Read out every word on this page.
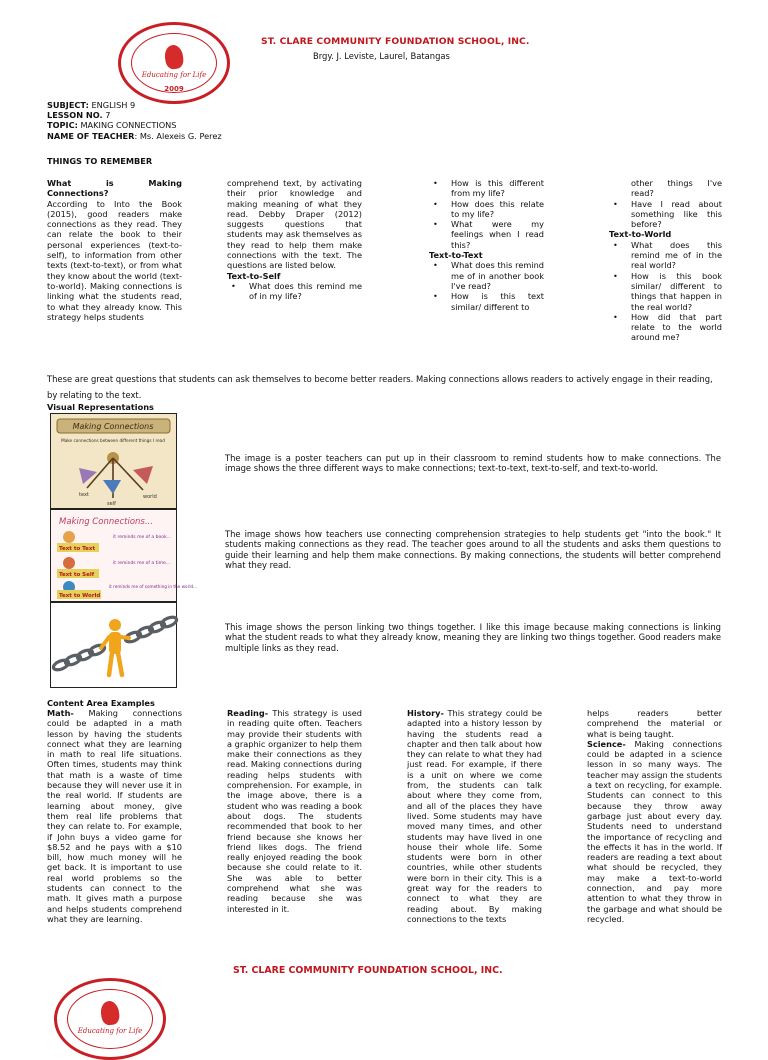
Educating for Life
2009
ST. CLARE COMMUNITY FOUNDATION SCHOOL, INC.
Brgy. J. Leviste, Laurel, Batangas
SUBJECT: ENGLISH 9
LESSON NO. 7
TOPIC: MAKING CONNECTIONS
NAME OF TEACHER: Ms. Alexeis G. Perez
THINGS TO REMEMBER
What is Making Connections?
According to Into the Book (2015), good readers make connections as they read. They can relate the book to their personal experiences (text-to-self), to information from other texts (text-to-text), or from what they know about the world (text-to-world). Making connections is linking what the students read, to what they already know. This strategy helps students
comprehend text, by activating their prior knowledge and making meaning of what they read. Debby Draper (2012) suggests questions that students may ask themselves as they read to help them make connections with the text. The questions are listed below.
Text-to-Self
• What does this remind me of in my life?
• How is this different from my life?
• How does this relate to my life?
• What were my feelings when I read this?
Text-to-Text
• What does this remind me of in another book I've read?
• How is this text similar/ different to
other things I've read?
• Have I read about something like this before?
Text-to-World
• What does this remind me of in the real world?
• How is this book similar/ different to things that happen in the real world?
• How did that part relate to the world around me?
These are great questions that students can ask themselves to become better readers. Making connections allows readers to actively engage in their reading, by relating to the text.
Visual Representations
Making Connections
Make connections between different things I read
text
self
world
The image is a poster teachers can put up in their classroom to remind students how to make connections. The image shows the three different ways to make connections; text-to-text, text-to-self, and text-to-world.
Making Connections...
Text to Text
it reminds me of a book...
Text to Self
it reminds me of a time...
Text to World
it reminds me of something in the world...
The image shows how teachers use connecting comprehension strategies to help students get "into the book." It students making connections as they read. The teacher goes around to all the students and asks them questions to guide their learning and help them make connections. By making connections, the students will better comprehend what they read.
This image shows the person linking two things together. I like this image because making connections is linking what the student reads to what they already know, meaning they are linking two things together. Good readers make multiple links as they read.
Content Area Examples
Math- Making connections could be adapted in a math lesson by having the students connect what they are learning in math to real life situations. Often times, students may think that math is a waste of time because they will never use it in the real world. If students are learning about money, give them real life problems that they can relate to. For example, if John buys a video game for $8.52 and he pays with a $10 bill, how much money will he get back. It is important to use real world problems so the students can connect to the math. It gives math a purpose and helps students comprehend what they are learning.
Reading- This strategy is used in reading quite often. Teachers may provide their students with a graphic organizer to help them make their connections as they read. Making connections during reading helps students with comprehension. For example, in the image above, there is a student who was reading a book about dogs. The students recommended that book to her friend because she knows her friend likes dogs. The friend really enjoyed reading the book because she could relate to it. She was able to better comprehend what she was reading because she was interested in it.
History- This strategy could be adapted into a history lesson by having the students read a chapter and then talk about how they can relate to what they had just read. For example, if there is a unit on where we come from, the students can talk about where they come from, and all of the places they have lived. Some students may have moved many times, and other students may have lived in one house their whole life. Some students were born in other countries, while other students were born in their city. This is a great way for the readers to connect to what they are reading about. By making connections to the texts
helps readers better comprehend the material or what is being taught.
Science- Making connections could be adapted in a science lesson in so many ways. The teacher may assign the students a text on recycling, for example. Students can connect to this because they throw away garbage just about every day. Students need to understand the importance of recycling and the effects it has in the world. If readers are reading a text about what should be recycled, they may make a text-to-world connection, and pay more attention to what they throw in the garbage and what should be recycled.
ST. CLARE COMMUNITY FOUNDATION SCHOOL, INC.
Educating for Life
